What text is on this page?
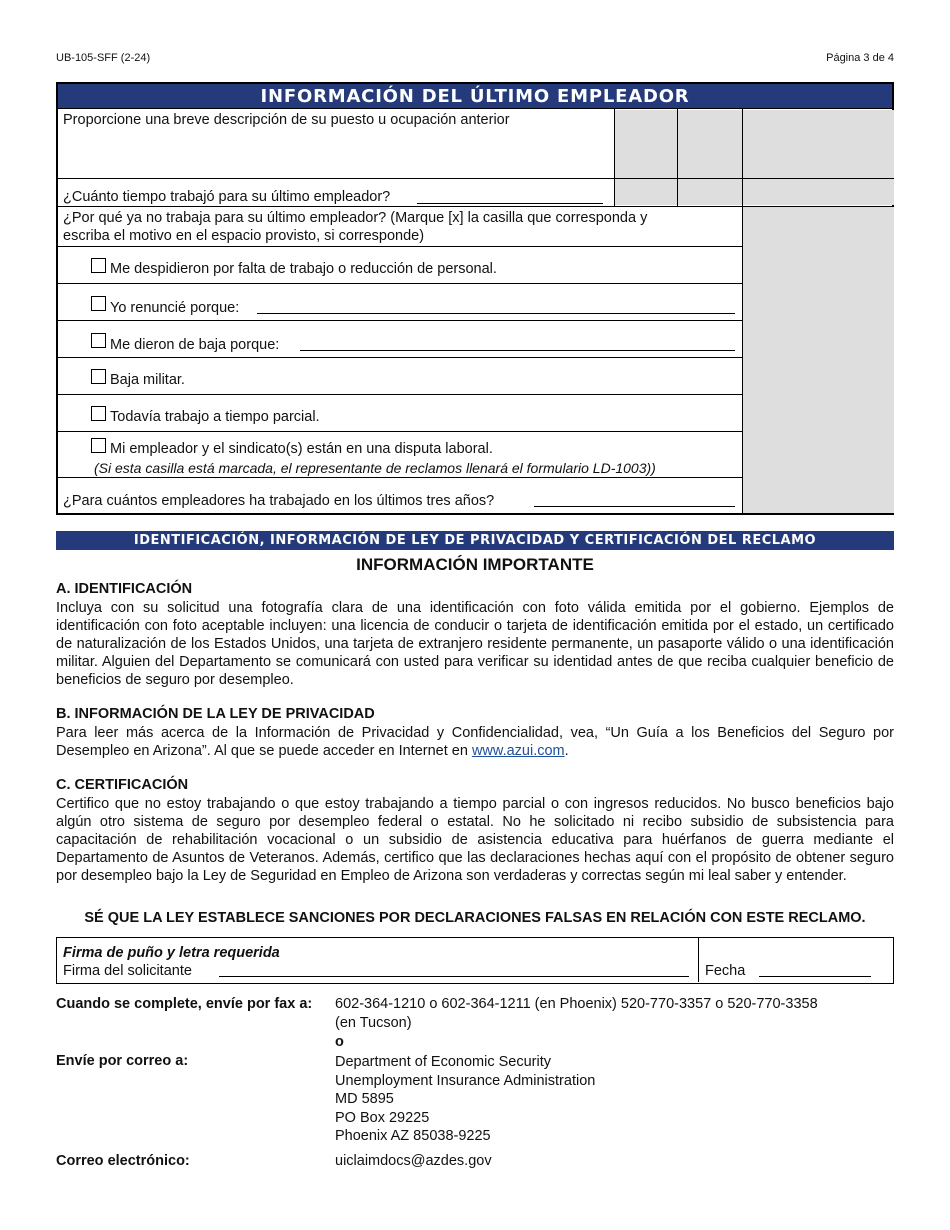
UB-105-SFF (2-24)	Página 3 de 4
INFORMACIÓN DEL ÚLTIMO EMPLEADOR
Proporcione una breve descripción de su puesto u ocupación anterior
¿Cuánto tiempo trabajó para su último empleador?
¿Por qué ya no trabaja para su último empleador? (Marque [x] la casilla que corresponda y
escriba el motivo en el espacio provisto, si corresponde)
Me despidieron por falta de trabajo o reducción de personal.
Yo renuncié porque:
Me dieron de baja porque:
Baja militar.
Todavía trabajo a tiempo parcial.
Mi empleador y el sindicato(s) están en una disputa laboral.
(Si esta casilla está marcada, el representante de reclamos llenará el formulario LD-1003))
¿Para cuántos empleadores ha trabajado en los últimos tres años?
IDENTIFICACIÓN, INFORMACIÓN DE LEY DE PRIVACIDAD Y CERTIFICACIÓN DEL RECLAMO
INFORMACIÓN IMPORTANTE
A. IDENTIFICACIÓN
Incluya con su solicitud una fotografía clara de una identificación con foto válida emitida por el gobierno. Ejemplos de identificación con foto aceptable incluyen: una licencia de conducir o tarjeta de identificación emitida por el estado, un certificado de naturalización de los Estados Unidos, una tarjeta de extranjero residente permanente, un pasaporte válido o una identificación militar. Alguien del Departamento se comunicará con usted para verificar su identidad antes de que reciba cualquier beneficio de beneficios de seguro por desempleo.
B. INFORMACIÓN DE LA LEY DE PRIVACIDAD
Para leer más acerca de la Información de Privacidad y Confidencialidad, vea, “Un Guía a los Beneficios del Seguro por Desempleo en Arizona”. Al que se puede acceder en Internet en www.azui.com.
C. CERTIFICACIÓN
Certifico que no estoy trabajando o que estoy trabajando a tiempo parcial o con ingresos reducidos. No busco beneficios bajo algún otro sistema de seguro por desempleo federal o estatal. No he solicitado ni recibo subsidio de subsistencia para capacitación de rehabilitación vocacional o un subsidio de asistencia educativa para huérfanos de guerra mediante el Departamento de Asuntos de Veteranos. Además, certifico que las declaraciones hechas aquí con el propósito de obtener seguro por desempleo bajo la Ley de Seguridad en Empleo de Arizona son verdaderas y correctas según mi leal saber y entender.
SÉ QUE LA LEY ESTABLECE SANCIONES POR DECLARACIONES FALSAS EN RELACIÓN CON ESTE RECLAMO.
Firma de puño y letra requerida
Firma del solicitante	Fecha
Cuando se complete, envíe por fax a: 602-364-1210 o 602-364-1211 (en Phoenix) 520-770-3357 o 520-770-3358
(en Tucson)
o
Envíe por correo a:	Department of Economic Security
Unemployment Insurance Administration
MD 5895
PO Box 29225
Phoenix AZ 85038-9225
Correo electrónico:	uiclaimdocs@azdes.gov
